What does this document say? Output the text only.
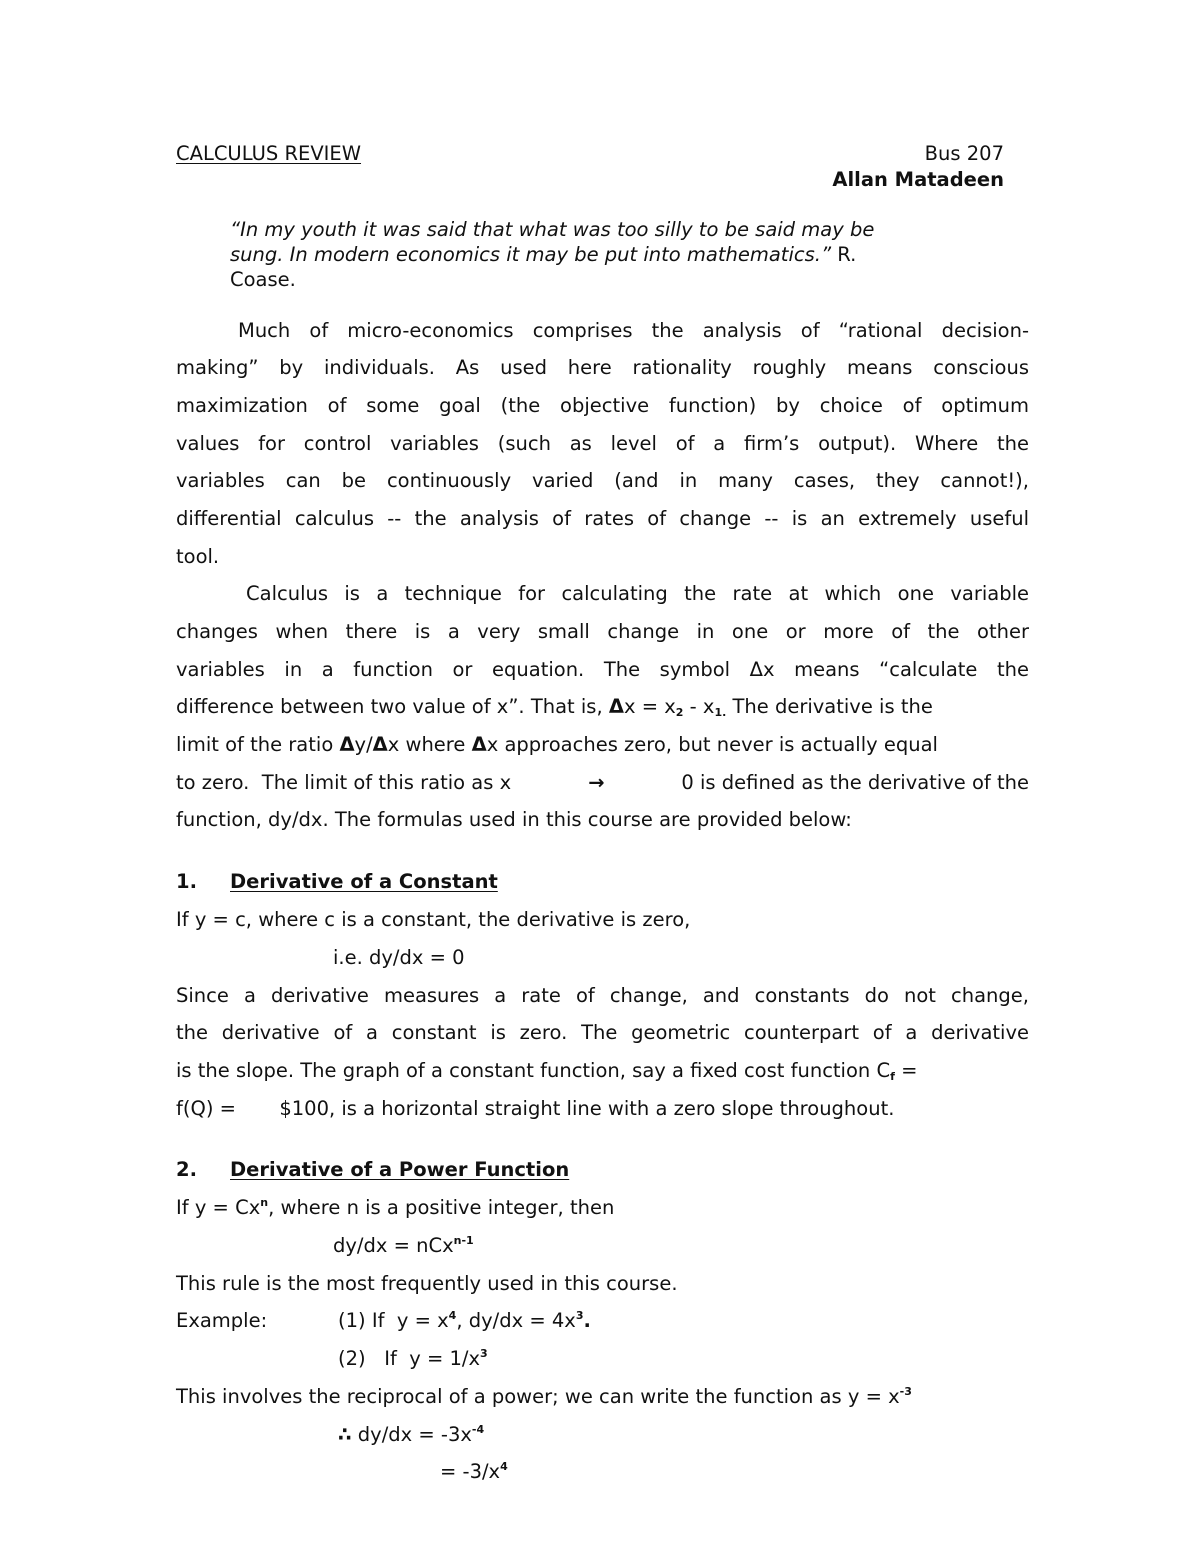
CALCULUS REVIEW	Bus 207
Allan Matadeen
“In my youth it was said that what was too silly to be said may be
sung. In modern economics it may be put into mathematics.” R.
Coase.
Much of micro-economics comprises the analysis of “rational decision-
making” by individuals. As used here rationality roughly means conscious
maximization of some goal (the objective function) by choice of optimum
values for control variables (such as level of a firm’s output). Where the
variables can be continuously varied (and in many cases, they cannot!),
differential calculus -- the analysis of rates of change -- is an extremely useful
tool.
Calculus is a technique for calculating the rate at which one variable
changes when there is a very small change in one or more of the other
variables in a function or equation. The symbol Δx means “calculate the
difference between two value of x”. That is, $\Delta x = x_2 - x_{1.}$ The derivative is the
limit of the ratio Δy/Δx where Δx approaches zero, but never is actually equal
to zero.  The limit of this ratio as x	→	0 is defined as the derivative of the
function, dy/dx. The formulas used in this course are provided below:
1. Derivative of a Constant
If y = c, where c is a constant, the derivative is zero,
i.e. dy/dx = 0
Since a derivative measures a rate of change, and constants do not change,
the derivative of a constant is zero. The geometric counterpart of a derivative
is the slope. The graph of a constant function, say a fixed cost function $C_f$ =
f(Q) =       $100, is a horizontal straight line with a zero slope throughout.
2. Derivative of a Power Function
If $y = Cx^n$, where n is a positive integer, then
dy/dx = nCx$^{n-1}$
This rule is the most frequently used in this course.
Example:	(1) If  $y = x^4$, $dy/dx = 4x^3$.
(2)   If  $y = 1/x^3$
This involves the reciprocal of a power; we can write the function as $y = x^{-3}$
∴ $dy/dx = -3x^{-4}$
= $-3/x^4$
